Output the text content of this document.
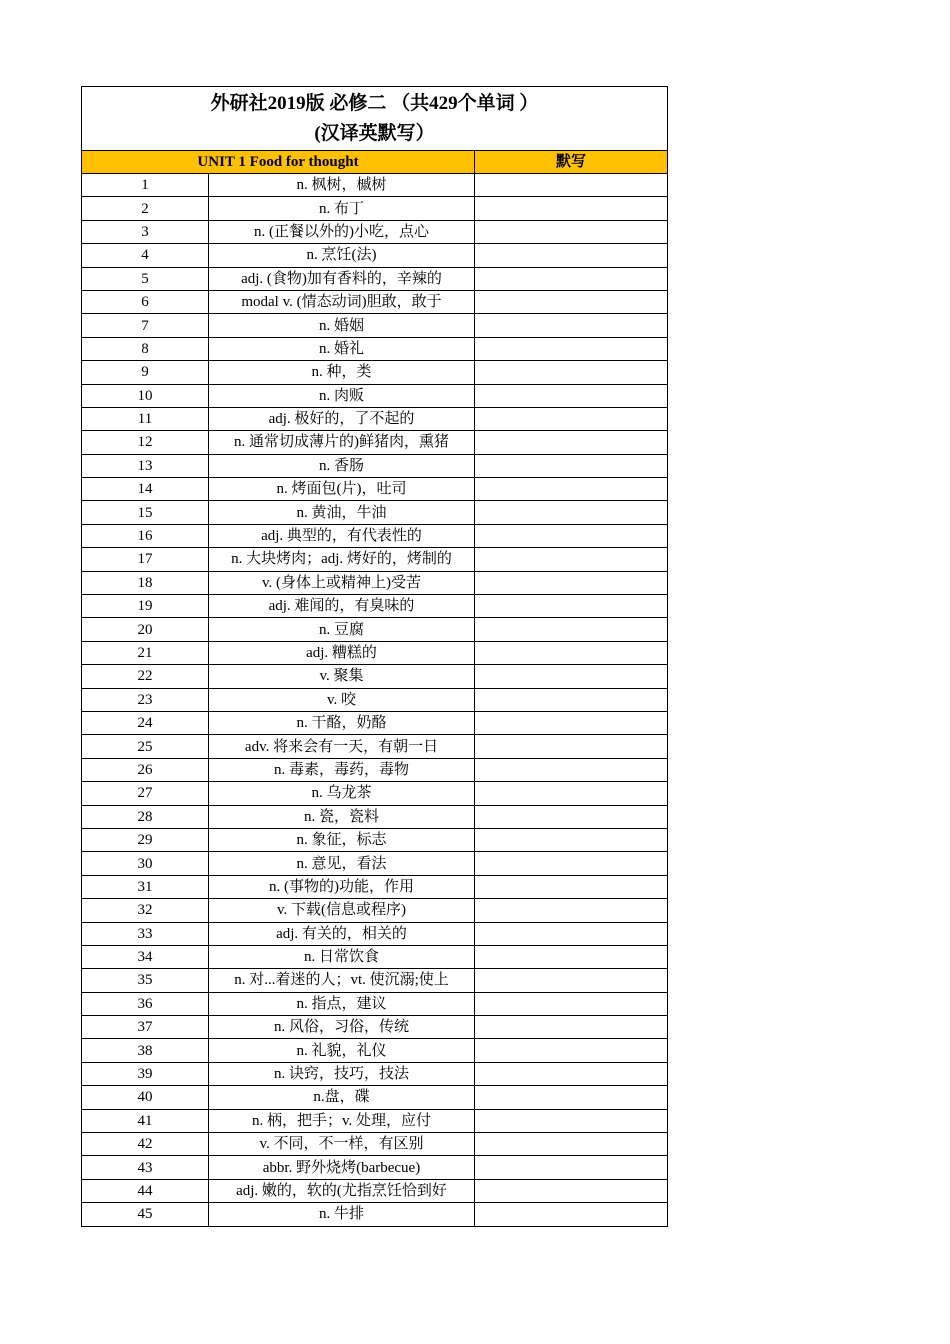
外研社2019版 必修二 （共429个单词 ）
(汉译英默写）		

UNIT 1 Food for thought		默写
1	n. 枫树，槭树	
2	n. 布丁	
3	n. (正餐以外的)小吃，点心	
4	n. 烹饪(法)	
5	adj. (食物)加有香料的，辛辣的	
6	modal v. (情态动词)胆敢，敢于	
7	n. 婚姻	
8	n. 婚礼	
9	n. 种，类	
10	n. 肉贩	
11	adj. 极好的，了不起的	
12	n. 通常切成薄片的)鲜猪肉，熏猪	
13	n. 香肠	
14	n. 烤面包(片)，吐司	
15	n. 黄油，牛油	
16	adj. 典型的，有代表性的	
17	n. 大块烤肉；adj. 烤好的，烤制的	
18	v. (身体上或精神上)受苦	
19	adj. 难闻的，有臭味的	
20	n. 豆腐	
21	adj. 糟糕的	
22	v. 聚集	
23	v. 咬	
24	n. 干酪，奶酪	
25	adv. 将来会有一天，有朝一日	
26	n. 毒素，毒药，毒物	
27	n. 乌龙茶	
28	n. 瓷，瓷料	
29	n. 象征，标志	
30	n. 意见，看法	
31	n. (事物的)功能，作用	
32	v. 下载(信息或程序)	
33	adj. 有关的，相关的	
34	n. 日常饮食	
35	n. 对...着迷的人；vt. 使沉溺;使上	
36	n. 指点，建议	
37	n. 风俗，习俗，传统	
38	n. 礼貌，礼仪	
39	n. 诀窍，技巧，技法	
40	n.盘，碟	
41	n. 柄，把手；v. 处理，应付	
42	v. 不同，不一样，有区别	
43	abbr. 野外烧烤(barbecue)	
44	adj. 嫩的，软的(尤指烹饪恰到好	
45	n. 牛排	
